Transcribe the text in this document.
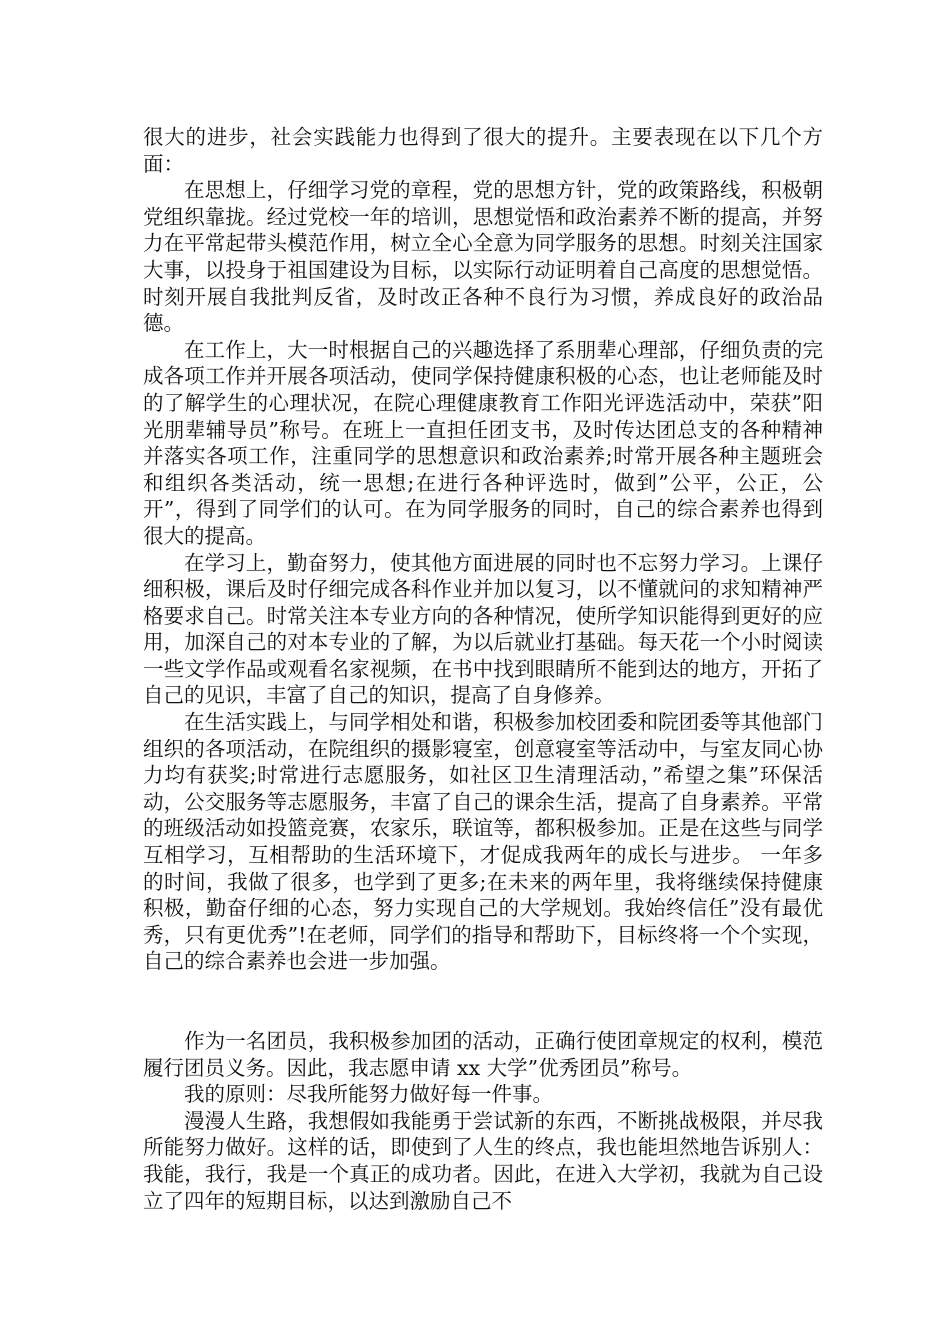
很大的进步，社会实践能力也得到了很大的提升。主要表现在以下几个方面：

在思想上，仔细学习党的章程，党的思想方针，党的政策路线，积极朝党组织靠拢。经过党校一年的培训，思想觉悟和政治素养不断的提高，并努力在平常起带头模范作用，树立全心全意为同学服务的思想。时刻关注国家大事，以投身于祖国建设为目标，以实际行动证明着自己高度的思想觉悟。时刻开展自我批判反省，及时改正各种不良行为习惯，养成良好的政治品德。

在工作上，大一时根据自己的兴趣选择了系朋辈心理部，仔细负责的完成各项工作并开展各项活动，使同学保持健康积极的心态，也让老师能及时的了解学生的心理状况，在院心理健康教育工作阳光评选活动中，荣获”阳光朋辈辅导员”称号。在班上一直担任团支书，及时传达团总支的各种精神并落实各项工作，注重同学的思想意识和政治素养;时常开展各种主题班会和组织各类活动，统一思想;在进行各种评选时，做到”公平，公正，公开”，得到了同学们的认可。在为同学服务的同时，自己的综合素养也得到很大的提高。

在学习上，勤奋努力，使其他方面进展的同时也不忘努力学习。上课仔细积极，课后及时仔细完成各科作业并加以复习，以不懂就问的求知精神严格要求自己。时常关注本专业方向的各种情况，使所学知识能得到更好的应用，加深自己的对本专业的了解，为以后就业打基础。每天花一个小时阅读一些文学作品或观看名家视频，在书中找到眼睛所不能到达的地方，开拓了自己的见识，丰富了自己的知识，提高了自身修养。

在生活实践上，与同学相处和谐，积极参加校团委和院团委等其他部门组织的各项活动，在院组织的摄影寝室，创意寝室等活动中，与室友同心协力均有获奖;时常进行志愿服务，如社区卫生清理活动，”希望之集”环保活动，公交服务等志愿服务，丰富了自己的课余生活，提高了自身素养。平常的班级活动如投篮竞赛，农家乐，联谊等，都积极参加。正是在这些与同学互相学习，互相帮助的生活环境下，才促成我两年的成长与进步。 一年多的时间，我做了很多，也学到了更多;在未来的两年里，我将继续保持健康积极，勤奋仔细的心态，努力实现自己的大学规划。我始终信任”没有最优秀，只有更优秀”!在老师，同学们的指导和帮助下，目标终将一个个实现，自己的综合素养也会进一步加强。

作为一名团员，我积极参加团的活动，正确行使团章规定的权利，模范履行团员义务。因此，我志愿申请 xx 大学”优秀团员”称号。

我的原则：尽我所能努力做好每一件事。

漫漫人生路，我想假如我能勇于尝试新的东西，不断挑战极限，并尽我所能努力做好。这样的话，即使到了人生的终点，我也能坦然地告诉别人：我能，我行，我是一个真正的成功者。因此，在进入大学初，我就为自己设立了四年的短期目标，以达到激励自己不
